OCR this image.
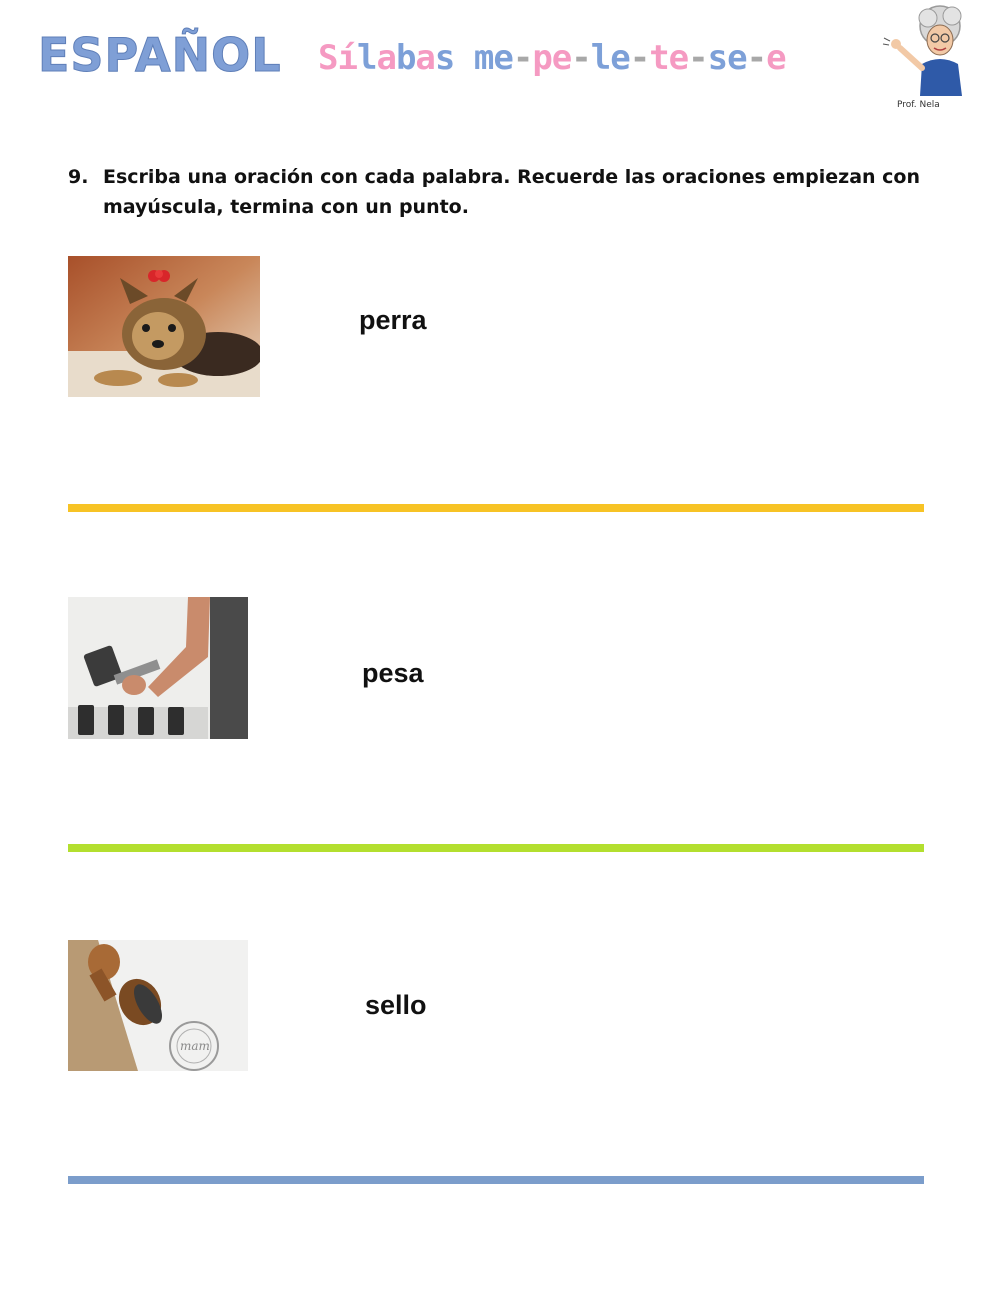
ESPAÑOL Sílabas me-pe-le-te-se-e
Prof. Nela
9. Escriba una oración con cada palabra. Recuerde las oraciones empiezan con mayúscula, termina con un punto.
perra
pesa
mam
sello
